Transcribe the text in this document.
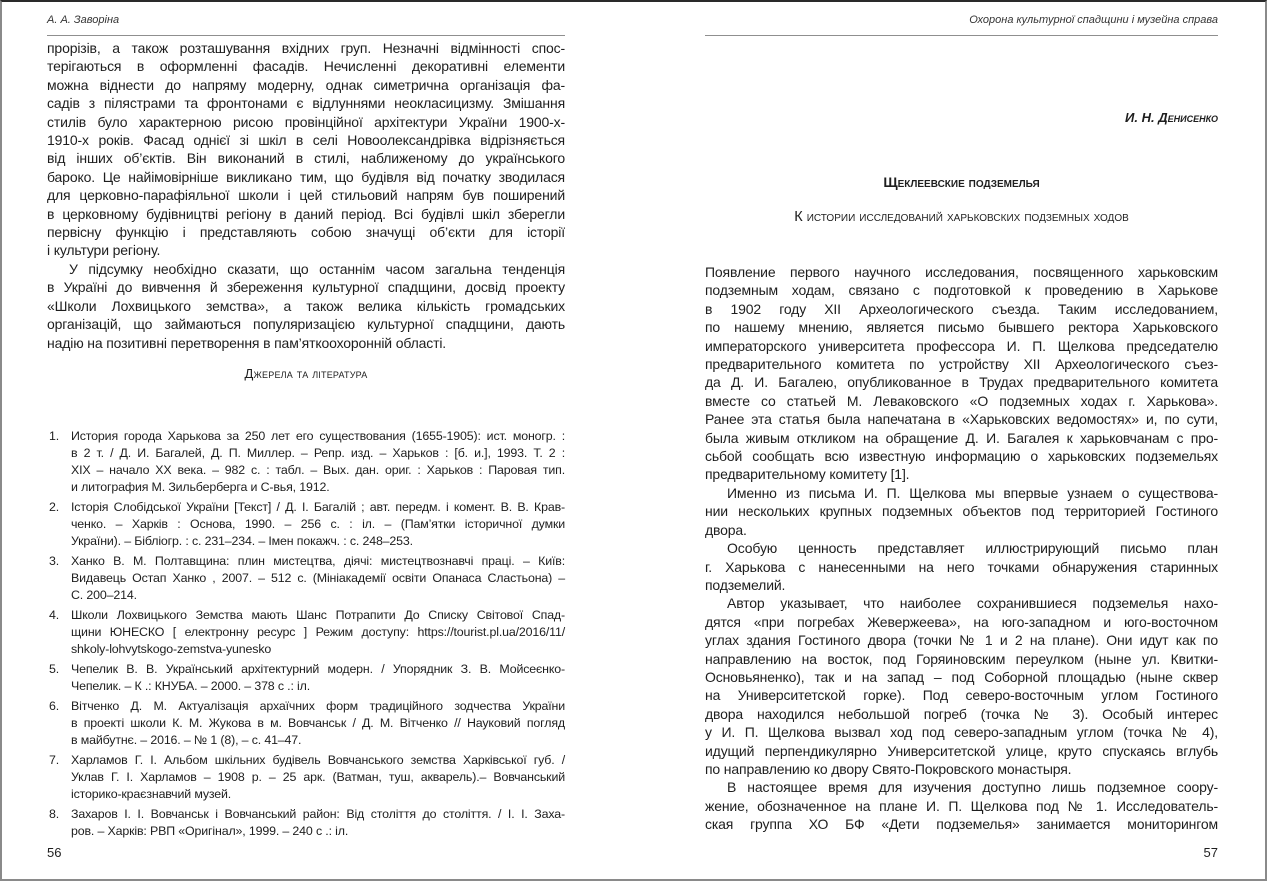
А. А. Заворіна
прорізів, а також розташування вхідних груп. Незначні відмінності спос-
терігаються в оформленні фасадів. Нечисленні декоративні елементи
можна віднести до напряму модерну, однак симетрична організація фа-
садів з пілястрами та фронтонами є відлуннями неокласицизму. Змішання
стилів було характерною рисою провінційної архітектури України 1900-х-
1910-х років. Фасад однієї зі шкіл в селі Новоолександрівка відрізняється
від інших об’єктів. Він виконаний в стилі, наближеному до українського
бароко. Це найімовірніше викликано тим, що будівля від початку зводилася
для церковно-парафіяльної школи і цей стильовий напрям був поширений
в церковному будівництві регіону в даний період. Всі будівлі шкіл зберегли
первісну функцію і представляють собою значущі об’єкти для історії
і культури регіону.
У підсумку необхідно сказати, що останнім часом загальна тенденція
в Україні до вивчення й збереження культурної спадщини, досвід проекту
«Школи Лохвицького земства», а також велика кількість громадських
організацій, що займаються популяризацією культурної спадщини, дають
надію на позитивні перетворення в пам’яткоохоронній області.
Джерела та література
1. История города Харькова за 250 лет его существования (1655-1905): ист. моногр. :
в 2 т. / Д. И. Багалей, Д. П. Миллер. – Репр. изд. – Харьков : [б. и.], 1993. Т. 2 :
XIX – начало XX века. – 982 с. : табл. – Вых. дан. ориг. : Харьков : Паровая тип.
и литография М. Зильберберга и С-вья, 1912.
2. Історія Слобідської України [Текст] / Д. І. Багалій ; авт. передм. і комент. В. В. Крав-
ченко. – Харків : Основа, 1990. – 256 с. : іл. – (Пам’ятки історичної думки
України). – Бібліогр. : с. 231–234. – Імен покажч. : с. 248–253.
3. Ханко В. М. Полтавщина: плин мистецтва, діячі: мистецтвознавчі праці. – Київ:
Видавець Остап Ханко , 2007. – 512 с. (Мініакадемії освіти Опанаса Сластьона) –
С. 200–214.
4. Школи Лохвицького Земства мають Шанс Потрапити До Списку Світової Спад-
щини ЮНЕСКО [ електронну ресурс ] Режим доступу: https://tourist.pl.ua/2016/11/
shkoly-lohvytskogo-zemstva-yunesko
5. Чепелик В. В. Український архітектурний модерн. / Упорядник З. В. Мойсеєнко-
Чепелик. – К .: КНУБА. – 2000. – 378 с .: іл.
6. Вітченко Д. М. Актуалізація архаїчних форм традиційного зодчества України
в проекті школи К. М. Жукова в м. Вовчанськ / Д. М. Вітченко // Науковий погляд
в майбутнє. – 2016. – № 1 (8), – с. 41–47.
7. Харламов Г. І. Альбом шкільних будівель Вовчанського земства Харківської губ. /
Уклав Г. І. Харламов – 1908 р. – 25 арк. (Ватман, туш, акварель).– Вовчанський
історико-краєзнавчий музей.
8. Захаров І. І. Вовчанськ і Вовчанський район: Від століття до століття. / І. І. Заха-
ров. – Харків: РВП «Оригінал», 1999. – 240 с .: іл.
56
Охорона культурної спадщини і музейна справа
И. Н. Денисенко
Щеклеевские подземелья
К истории исследований харьковских подземных ходов
Появление первого научного исследования, посвященного харьковским
подземным ходам, связано с подготовкой к проведению в Харькове
в 1902 году XII Археологического съезда. Таким исследованием,
по нашему мнению, является письмо бывшего ректора Харьковского
императорского университета профессора И. П. Щелкова председателю
предварительного комитета по устройству XII Археологического съез-
да Д. И. Багалею, опубликованное в Трудах предварительного комитета
вместе со статьей М. Леваковского «О подземных ходах г. Харькова».
Ранее эта статья была напечатана в «Харьковских ведомостях» и, по сути,
была живым откликом на обращение Д. И. Багалея к харьковчанам с про-
сьбой сообщать всю известную информацию о харьковских подземельях
предварительному комитету [1].
Именно из письма И. П. Щелкова мы впервые узнаем о существова-
нии нескольких крупных подземных объектов под территорией Гостиного
двора.
Особую ценность представляет иллюстрирующий письмо план
г. Харькова с нанесенными на него точками обнаружения старинных
подземелий.
Автор указывает, что наиболее сохранившиеся подземелья нахо-
дятся «при погребах Жевержеева», на юго-западном и юго-восточном
углах здания Гостиного двора (точки № 1 и 2 на плане). Они идут как по
направлению на восток, под Горяиновским переулком (ныне ул. Квитки-
Основьяненко), так и на запад – под Соборной площадью (ныне сквер
на Университетской горке). Под северо-восточным углом Гостиного
двора находился небольшой погреб (точка № 3). Особый интерес
у И. П. Щелкова вызвал ход под северо-западным углом (точка № 4),
идущий перпендикулярно Университетской улице, круто спускаясь вглубь
по направлению ко двору Свято-Покровского монастыря.
В настоящее время для изучения доступно лишь подземное соору-
жение, обозначенное на плане И. П. Щелкова под № 1. Исследователь-
ская группа ХО БФ «Дети подземелья» занимается мониторингом
57
